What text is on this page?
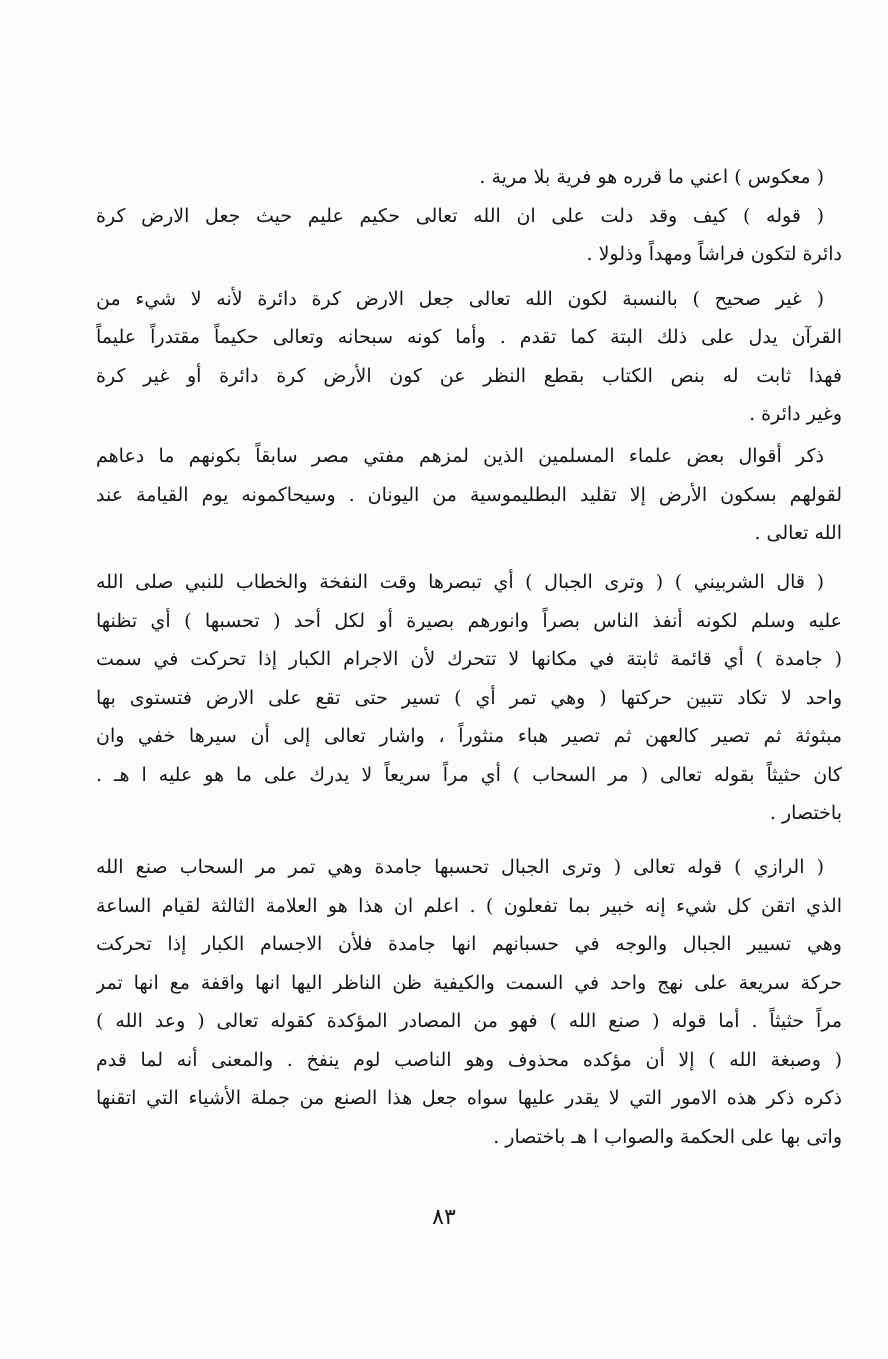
( معكوس ) اعني ما قرره هو فرية بلا مرية .
( قوله ) كيف وقد دلت على ان الله تعالى حكيم عليم حيث جعل الارض كرة
دائرة لتكون فراشاً ومهداً وذلولا .
( غير صحيح ) بالنسبة لكون الله تعالى جعل الارض كرة دائرة لأنه لا شيء من
القرآن يدل على ذلك البتة كما تقدم . وأما كونه سبحانه وتعالى حكيماً مقتدراً عليماً
فهذا ثابت له بنص الكتاب بقطع النظر عن كون الأرض كرة دائرة أو غير كرة
وغير دائرة .
ذكر أقوال بعض علماء المسلمين الذين لمزهم مفتي مصر سابقاً بكونهم ما دعاهم
لقولهم بسكون الأرض إلا تقليد البطليموسية من اليونان . وسيحاكمونه يوم القيامة عند
الله تعالى .
( قال الشربيني ) ( وترى الجبال ) أي تبصرها وقت النفخة والخطاب للنبي صلى الله
عليه وسلم لكونه أنفذ الناس بصراً وانورهم بصيرة أو لكل أحد ( تحسبها ) أي تظنها
( جامدة ) أي قائمة ثابتة في مكانها لا تتحرك لأن الاجرام الكبار إذا تحركت في سمت
واحد لا تكاد تتبين حركتها ( وهي تمر أي ) تسير حتى تقع على الارض فتستوى بها
مبثوثة ثم تصير كالعهن ثم تصير هباء منثوراً ، واشار تعالى إلى أن سيرها خفي وان
كان حثيثاً بقوله تعالى ( مر السحاب ) أي مراً سريعاً لا يدرك على ما هو عليه ا هـ .
باختصار .
( الرازي ) قوله تعالى ( وترى الجبال تحسبها جامدة وهي تمر مر السحاب صنع الله
الذي اتقن كل شيء إنه خبير بما تفعلون ) . اعلم ان هذا هو العلامة الثالثة لقيام الساعة
وهي تسيير الجبال والوجه في حسبانهم انها جامدة فلأن الاجسام الكبار إذا تحركت
حركة سريعة على نهج واحد في السمت والكيفية ظن الناظر اليها انها واقفة مع انها تمر
مراً حثيثاً . أما قوله ( صنع الله ) فهو من المصادر المؤكدة كقوله تعالى ( وعد الله )
( وصبغة الله ) إلا أن مؤكده محذوف وهو الناصب لوم ينفخ . والمعنى أنه لما قدم
ذكره ذكر هذه الامور التي لا يقدر عليها سواه جعل هذا الصنع من جملة الأشياء التي اتقنها
واتى بها على الحكمة والصواب ا هـ باختصار .
٨٣
